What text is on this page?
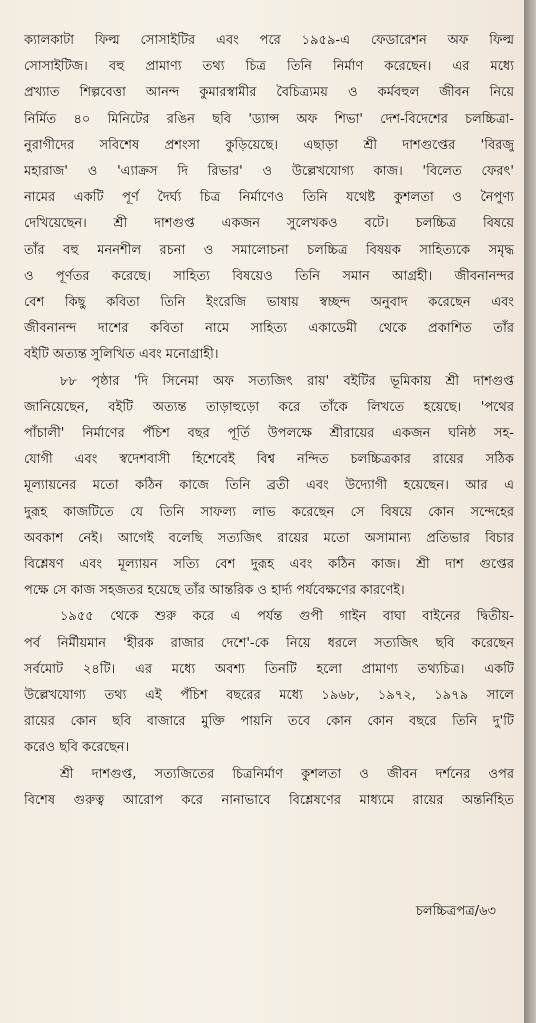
ক্যালকাটা ফিল্ম সোসাইটির এবং পরে ১৯৫৯-এ ফেডারেশন অফ ফিল্ম
সোসাইটিজ। বহু প্রামাণ্য তথ্য চিত্র তিনি নির্মাণ করেছেন। এর মধ্যে
প্রখ্যাত শিল্পবেত্তা আনন্দ কুমারস্বামীর বৈচিত্র্যময় ও কর্মবহুল জীবন নিয়ে
নির্মিত ৪০ মিনিটের রঙিন ছবি 'ড্যান্স অফ শিভা' দেশ-বিদেশের চলচ্চিত্রা-
নুরাগীদের সবিশেষ প্রশংসা কুড়িয়েছে। এছাড়া শ্রী দাশগুপ্তের 'বিরজু
মহারাজ' ও 'এ্যাক্রস দি রিভার' ও উল্লেখযোগ্য কাজ। 'বিলেত ফেরৎ'
নামের একটি পূর্ণ দৈর্ঘ্য চিত্র নির্মাণেও তিনি যথেষ্ট কুশলতা ও নৈপুণ্য
দেখিয়েছেন। শ্রী দাশগুপ্ত একজন সুলেখকও বটে। চলচ্চিত্র বিষয়ে
তাঁর বহু মননশীল রচনা ও সমালোচনা চলচ্চিত্র বিষয়ক সাহিত্যকে সমৃদ্ধ
ও পূর্ণতর করেছে। সাহিত্য বিষয়েও তিনি সমান আগ্রহী। জীবনানন্দর
বেশ কিছু কবিতা তিনি ইংরেজি ভাষায় স্বচ্ছন্দ অনুবাদ করেছেন এবং
জীবনানন্দ দাশের কবিতা নামে সাহিত্য একাডেমী থেকে প্রকাশিত তাঁর
বইটি অত্যন্ত সুলিখিত এবং মনোগ্রাহী।
৮৮ পৃষ্ঠার 'দি সিনেমা অফ সত্যজিৎ রায়' বইটির ভূমিকায় শ্রী দাশগুপ্ত
জানিয়েছেন, বইটি অত্যন্ত তাড়াহুড়ো করে তাঁকে লিখতে হয়েছে। 'পথের
পাঁচালী' নির্মাণের পঁচিশ বছর পূর্তি উপলক্ষে শ্রীরায়ের একজন ঘনিষ্ঠ সহ-
যোগী এবং স্বদেশবাসী হিশেবেই বিশ্ব নন্দিত চলচ্চিত্রকার রায়ের সঠিক
মূল্যায়নের মতো কঠিন কাজে তিনি ব্রতী এবং উদ্যোগী হয়েছেন। আর এ
দুরূহ কাজটিতে যে তিনি সাফল্য লাভ করেছেন সে বিষয়ে কোন সন্দেহের
অবকাশ নেই। আগেই বলেছি সত্যজিৎ রায়ের মতো অসামান্য প্রতিভার বিচার
বিশ্লেষণ এবং মূল্যায়ন সত্যি বেশ দুরূহ এবং কঠিন কাজ। শ্রী দাশ গুপ্তের
পক্ষে সে কাজ সহজতর হয়েছে তাঁর আন্তরিক ও হার্দ্য পর্যবেক্ষণের কারণেই।
১৯৫৫ থেকে শুরু করে এ পর্যন্ত গুপী গাইন বাঘা বাইনের দ্বিতীয়-
পর্ব নির্মীয়মান 'হীরক রাজার দেশে'-কে নিয়ে ধরলে সত্যজিৎ ছবি করেছেন
সর্বমোট ২৪টি। এর মধ্যে অবশ্য তিনটি হলো প্রামাণ্য তথ্যচিত্র। একটি
উল্লেখযোগ্য তথ্য এই পঁচিশ বছরের মধ্যে ১৯৬৮, ১৯৭২, ১৯৭৯ সালে
রায়ের কোন ছবি বাজারে মুক্তি পায়নি তবে কোন কোন বছরে তিনি দু'টি
করেও ছবি করেছেন।
শ্রী দাশগুপ্ত, সত্যজিতের চিত্রনির্মাণ কুশলতা ও জীবন দর্শনের ওপর
বিশেষ গুরুত্ব আরোপ করে নানাভাবে বিশ্লেষণের মাধ্যমে রায়ের অন্তর্নিহিত
চলচ্চিত্রপত্র/৬৩
